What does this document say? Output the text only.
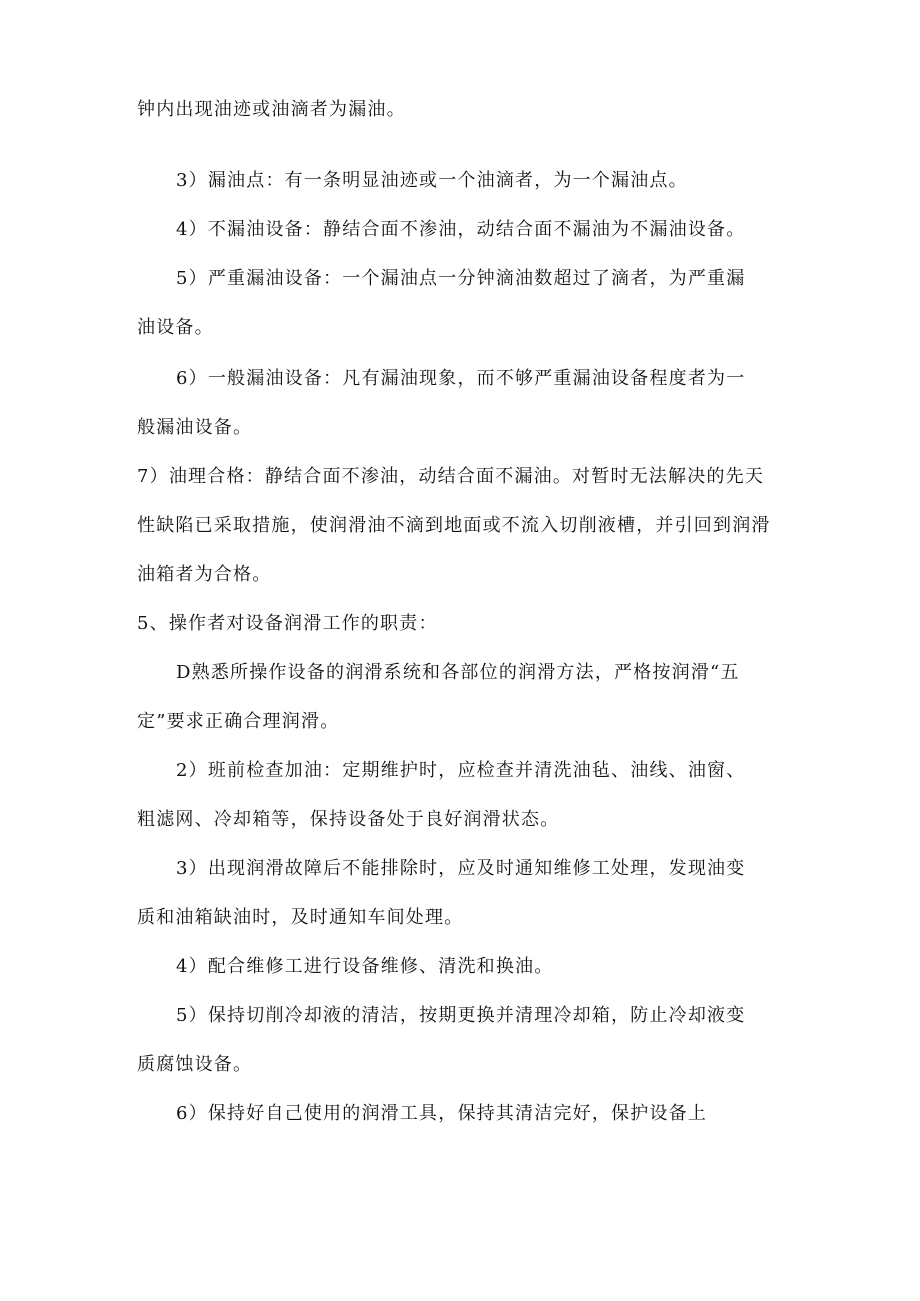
钟内出现油迹或油滴者为漏油。
3）漏油点：有一条明显油迹或一个油滴者，为一个漏油点。
4）不漏油设备：静结合面不渗油，动结合面不漏油为不漏油设备。
5）严重漏油设备：一个漏油点一分钟滴油数超过了滴者，为严重漏
油设备。
6）一般漏油设备：凡有漏油现象，而不够严重漏油设备程度者为一
般漏油设备。
7）油理合格：静结合面不渗油，动结合面不漏油。对暂时无法解决的先天
性缺陷已采取措施，使润滑油不滴到地面或不流入切削液槽，并引回到润滑
油箱者为合格。
5、操作者对设备润滑工作的职责：
D熟悉所操作设备的润滑系统和各部位的润滑方法，严格按润滑“五
定”要求正确合理润滑。
2）班前检查加油：定期维护时，应检查并清洗油毡、油线、油窗、
粗滤网、冷却箱等，保持设备处于良好润滑状态。
3）出现润滑故障后不能排除时，应及时通知维修工处理，发现油变
质和油箱缺油时，及时通知车间处理。
4）配合维修工进行设备维修、清洗和换油。
5）保持切削冷却液的清洁，按期更换并清理冷却箱，防止冷却液变
质腐蚀设备。
6）保持好自己使用的润滑工具，保持其清洁完好，保护设备上
